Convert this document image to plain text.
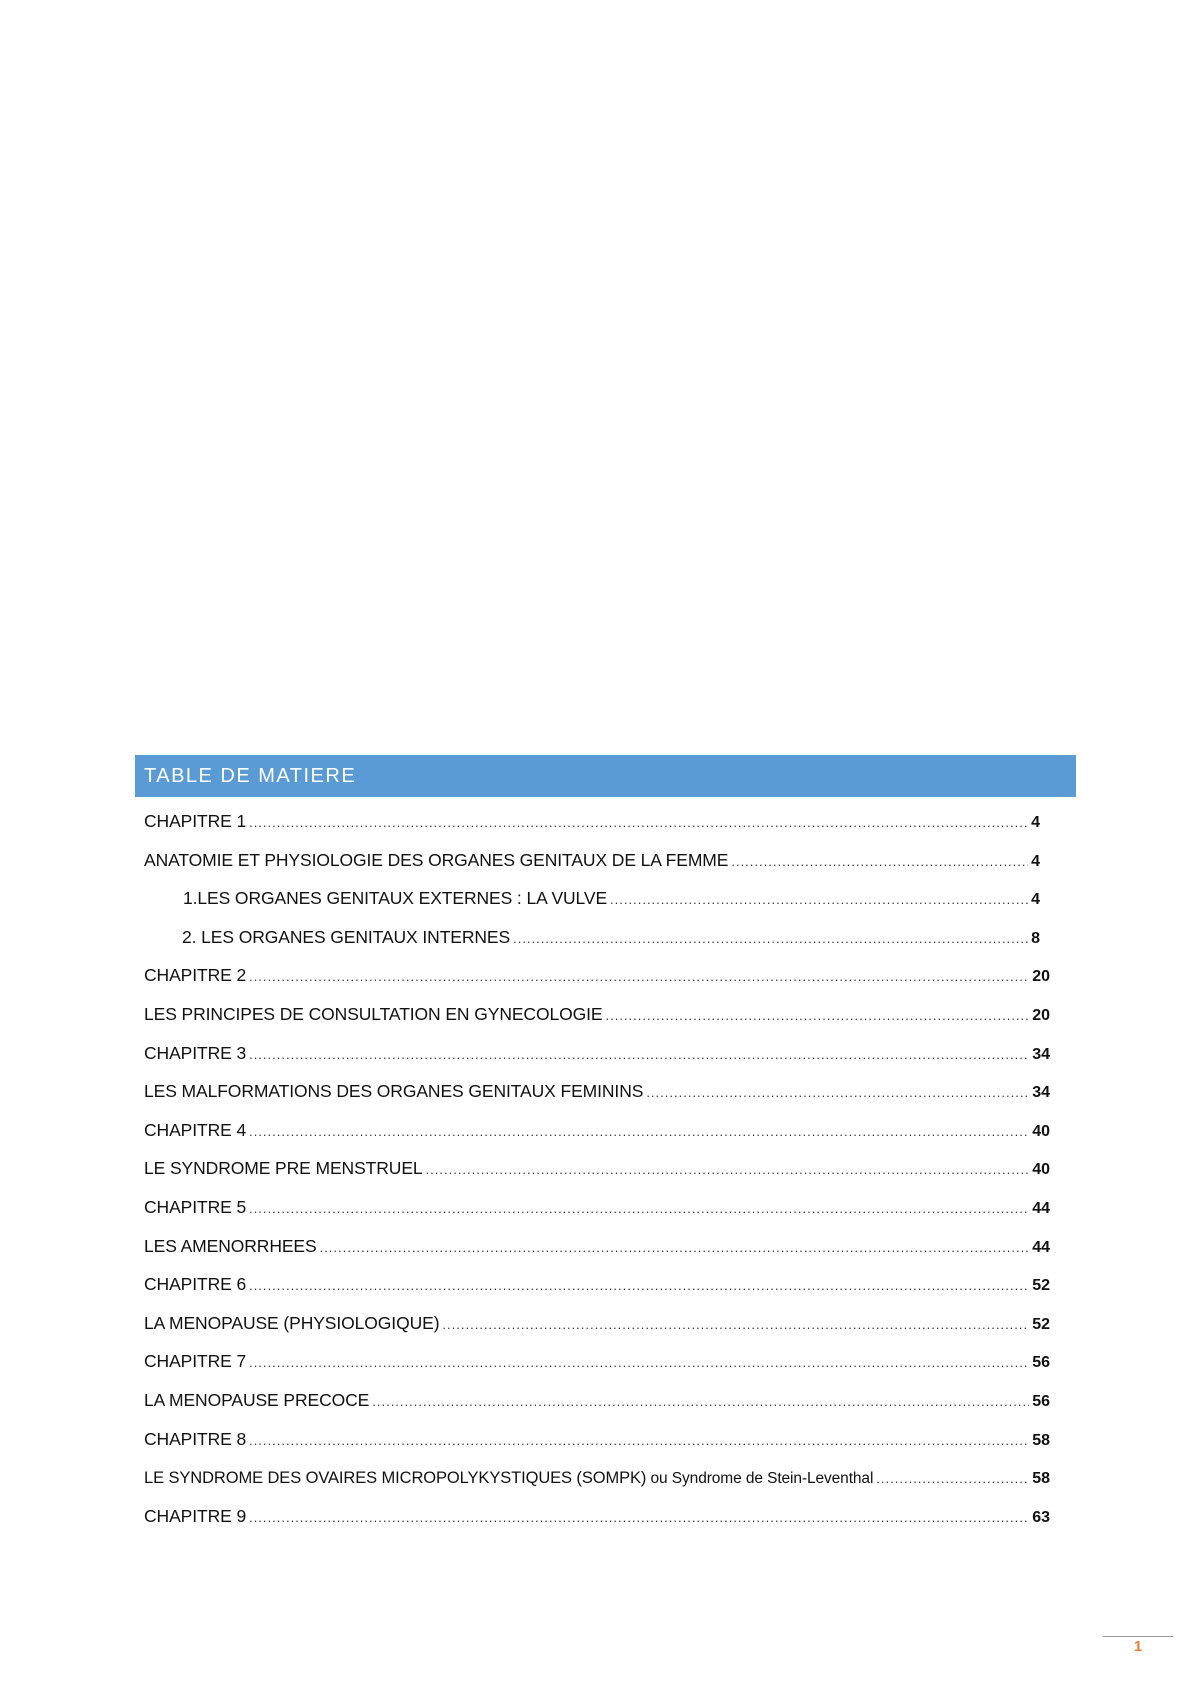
TABLE DE MATIERE
CHAPITRE 1 .....	4
ANATOMIE ET PHYSIOLOGIE DES ORGANES GENITAUX DE LA FEMME .....	4
1.LES ORGANES GENITAUX EXTERNES : LA VULVE .....	4
2. LES ORGANES GENITAUX INTERNES .....	8
CHAPITRE 2 .....	20
LES PRINCIPES DE CONSULTATION EN GYNECOLOGIE .....	20
CHAPITRE 3 .....	34
LES MALFORMATIONS DES ORGANES GENITAUX FEMININS .....	34
CHAPITRE 4 .....	40
LE SYNDROME PRE MENSTRUEL .....	40
CHAPITRE 5 .....	44
LES AMENORRHEES .....	44
CHAPITRE 6 .....	52
LA MENOPAUSE (PHYSIOLOGIQUE) .....	52
CHAPITRE 7 .....	56
LA MENOPAUSE PRECOCE .....	56
CHAPITRE 8 .....	58
LE SYNDROME DES OVAIRES MICROPOLYKYSTIQUES (SOMPK) ou Syndrome de Stein-Leventhal .....	58
CHAPITRE 9 .....	63
1
